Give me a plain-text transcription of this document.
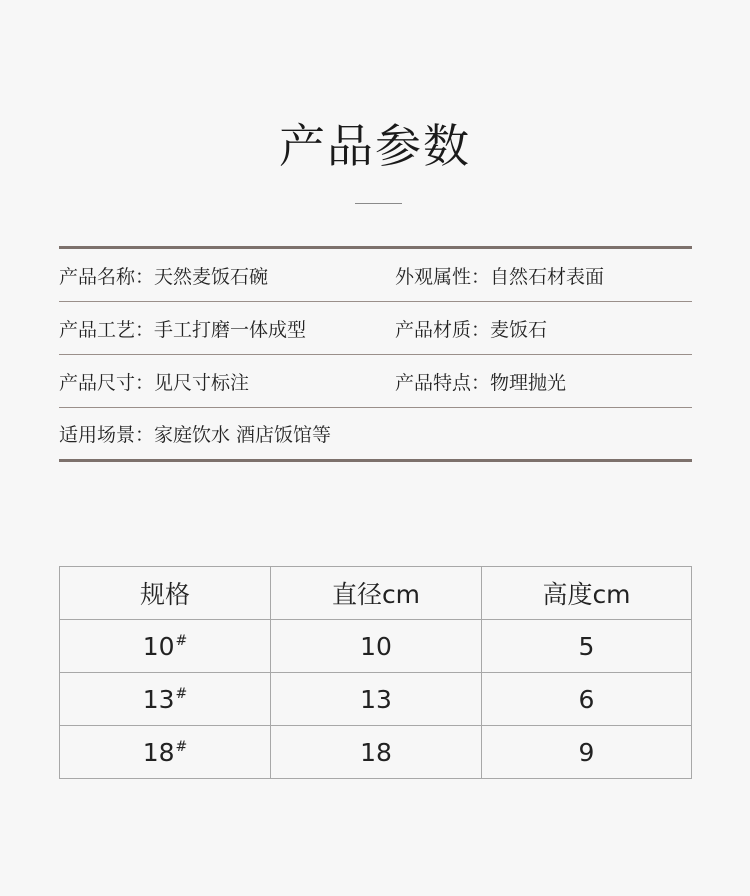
产品参数
产品名称：天然麦饭石碗	外观属性：自然石材表面
产品工艺：手工打磨一体成型	产品材质：麦饭石
产品尺寸：见尺寸标注	产品特点：物理抛光
适用场景：家庭饮水 酒店饭馆等
规格	直径cm	高度cm
10#	10	5
13#	13	6
18#	18	9
